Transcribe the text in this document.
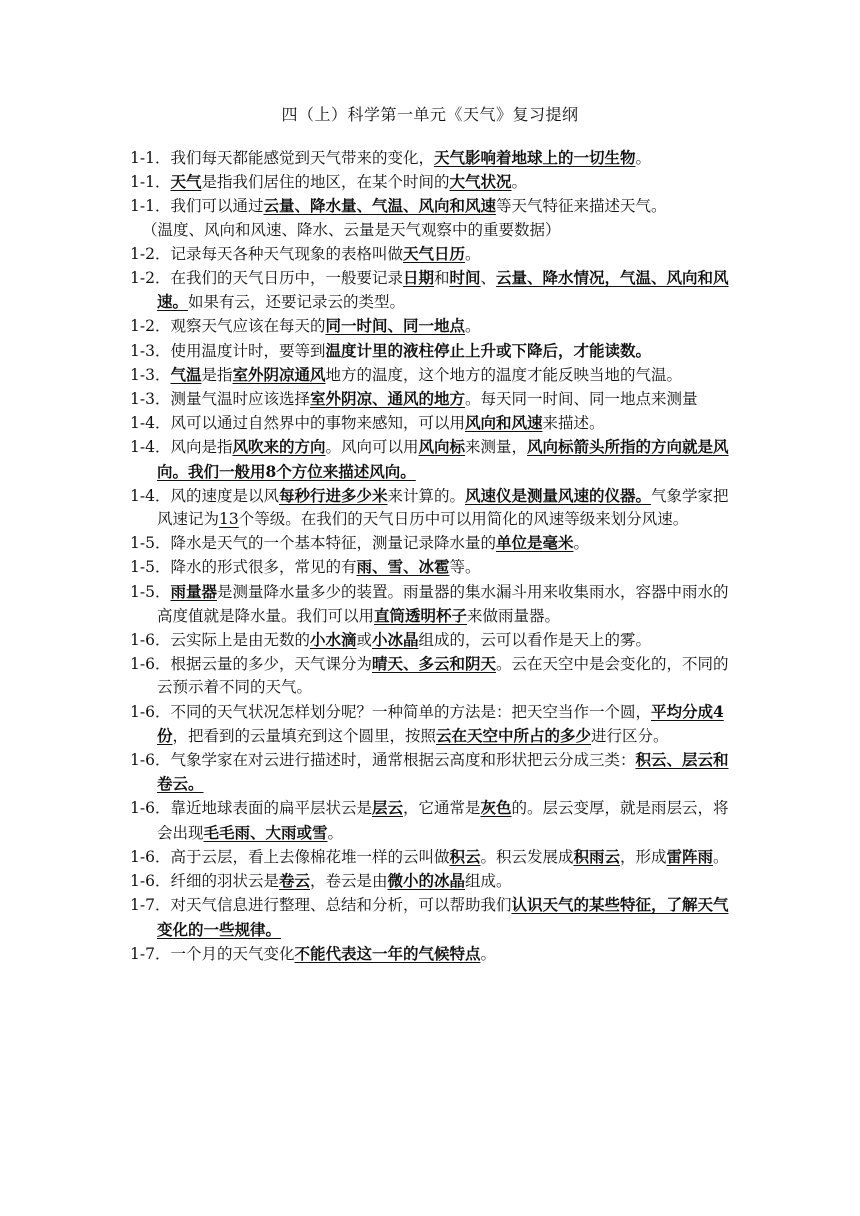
四（上）科学第一单元《天气》复习提纲

1-1．我们每天都能感觉到天气带来的变化，天气影响着地球上的一切生物。

1-1．天气是指我们居住的地区，在某个时间的大气状况。

1-1．我们可以通过云量、降水量、气温、风向和风速等天气特征来描述天气。

（温度、风向和风速、降水、云量是天气观察中的重要数据）

1-2．记录每天各种天气现象的表格叫做天气日历。

1-2．在我们的天气日历中，一般要记录日期和时间、云量、降水情况，气温、风向和风速。如果有云，还要记录云的类型。

1-2．观察天气应该在每天的同一时间、同一地点。

1-3．使用温度计时，要等到温度计里的液柱停止上升或下降后，才能读数。

1-3．气温是指室外阴凉通风地方的温度，这个地方的温度才能反映当地的气温。

1-3．测量气温时应该选择室外阴凉、通风的地方。每天同一时间、同一地点来测量

1-4．风可以通过自然界中的事物来感知，可以用风向和风速来描述。

1-4．风向是指风吹来的方向。风向可以用风向标来测量，风向标箭头所指的方向就是风向。我们一般用8个方位来描述风向。

1-4．风的速度是以风每秒行进多少米来计算的。风速仪是测量风速的仪器。气象学家把风速记为13个等级。在我们的天气日历中可以用简化的风速等级来划分风速。

1-5．降水是天气的一个基本特征，测量记录降水量的单位是毫米。

1-5．降水的形式很多，常见的有雨、雪、冰雹等。

1-5．雨量器是测量降水量多少的装置。雨量器的集水漏斗用来收集雨水，容器中雨水的高度值就是降水量。我们可以用直筒透明杯子来做雨量器。

1-6．云实际上是由无数的小水滴或小冰晶组成的，云可以看作是天上的雾。

1-6．根据云量的多少，天气课分为晴天、多云和阴天。云在天空中是会变化的，不同的云预示着不同的天气。

1-6．不同的天气状况怎样划分呢？一种简单的方法是：把天空当作一个圆，平均分成4份，把看到的云量填充到这个圆里，按照云在天空中所占的多少进行区分。

1-6．气象学家在对云进行描述时，通常根据云高度和形状把云分成三类：积云、层云和卷云。

1-6．靠近地球表面的扁平层状云是层云，它通常是灰色的。层云变厚，就是雨层云，将会出现毛毛雨、大雨或雪。

1-6．高于云层，看上去像棉花堆一样的云叫做积云。积云发展成积雨云，形成雷阵雨。

1-6．纤细的羽状云是卷云，卷云是由微小的冰晶组成。

1-7．对天气信息进行整理、总结和分析，可以帮助我们认识天气的某些特征，了解天气变化的一些规律。

1-7．一个月的天气变化不能代表这一年的气候特点。
